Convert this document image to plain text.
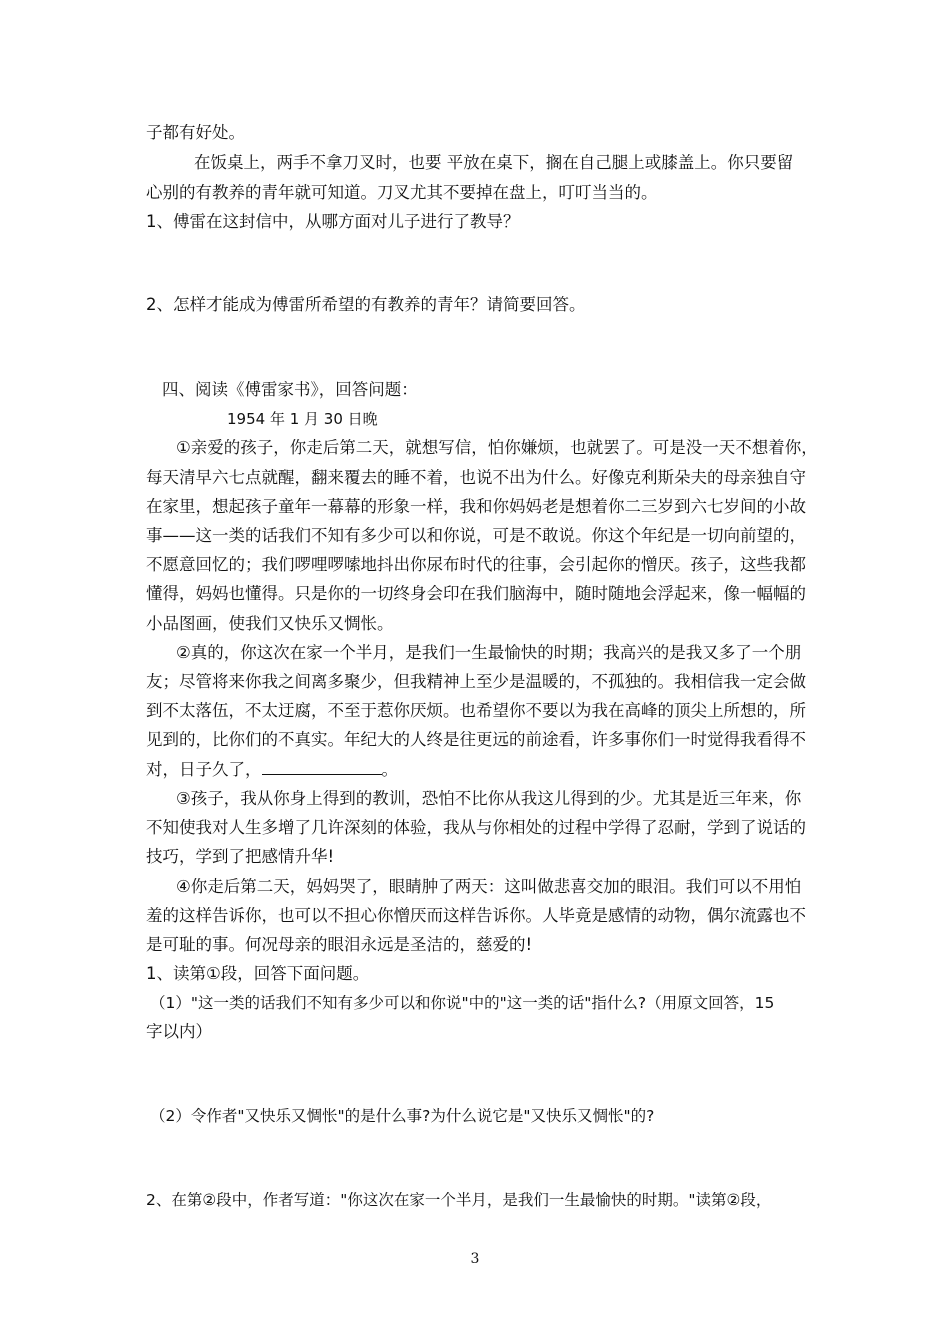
子都有好处。
在饭桌上，两手不拿刀叉时，也要 平放在桌下，搁在自己腿上或膝盖上。你只要留
心别的有教养的青年就可知道。刀叉尤其不要掉在盘上，叮叮当当的。
1、傅雷在这封信中，从哪方面对儿子进行了教导？
2、怎样才能成为傅雷所希望的有教养的青年？请简要回答。
四、阅读《傅雷家书》，回答问题：
1954 年 1 月 30 日晚
①亲爱的孩子，你走后第二天，就想写信，怕你嫌烦，也就罢了。可是没一天不想着你，
每天清早六七点就醒，翻来覆去的睡不着，也说不出为什么。好像克利斯朵夫的母亲独自守
在家里，想起孩子童年一幕幕的形象一样，我和你妈妈老是想着你二三岁到六七岁间的小故
事——这一类的话我们不知有多少可以和你说，可是不敢说。你这个年纪是一切向前望的，
不愿意回忆的；我们啰哩啰嗦地抖出你尿布时代的往事，会引起你的憎厌。孩子，这些我都
懂得，妈妈也懂得。只是你的一切终身会印在我们脑海中，随时随地会浮起来，像一幅幅的
小品图画，使我们又快乐又惆怅。
②真的，你这次在家一个半月，是我们一生最愉快的时期；我高兴的是我又多了一个朋
友；尽管将来你我之间离多聚少，但我精神上至少是温暖的，不孤独的。我相信我一定会做
到不太落伍，不太迂腐，不至于惹你厌烦。也希望你不要以为我在高峰的顶尖上所想的，所
见到的，比你们的不真实。年纪大的人终是往更远的前途看，许多事你们一时觉得我看得不
对，日子久了，	。
③孩子，我从你身上得到的教训，恐怕不比你从我这儿得到的少。尤其是近三年来，你
不知使我对人生多增了几许深刻的体验，我从与你相处的过程中学得了忍耐，学到了说话的
技巧，学到了把感情升华!
④你走后第二天，妈妈哭了，眼睛肿了两天：这叫做悲喜交加的眼泪。我们可以不用怕
羞的这样告诉你，也可以不担心你憎厌而这样告诉你。人毕竟是感情的动物，偶尔流露也不
是可耻的事。何况母亲的眼泪永远是圣洁的，慈爱的!
1、读第①段，回答下面问题。
（1）"这一类的话我们不知有多少可以和你说"中的"这一类的话"指什么?（用原文回答，15
字以内）
（2）令作者"又快乐又惆怅"的是什么事?为什么说它是"又快乐又惆怅"的?
2、在第②段中，作者写道："你这次在家一个半月，是我们一生最愉快的时期。"读第②段，
3
